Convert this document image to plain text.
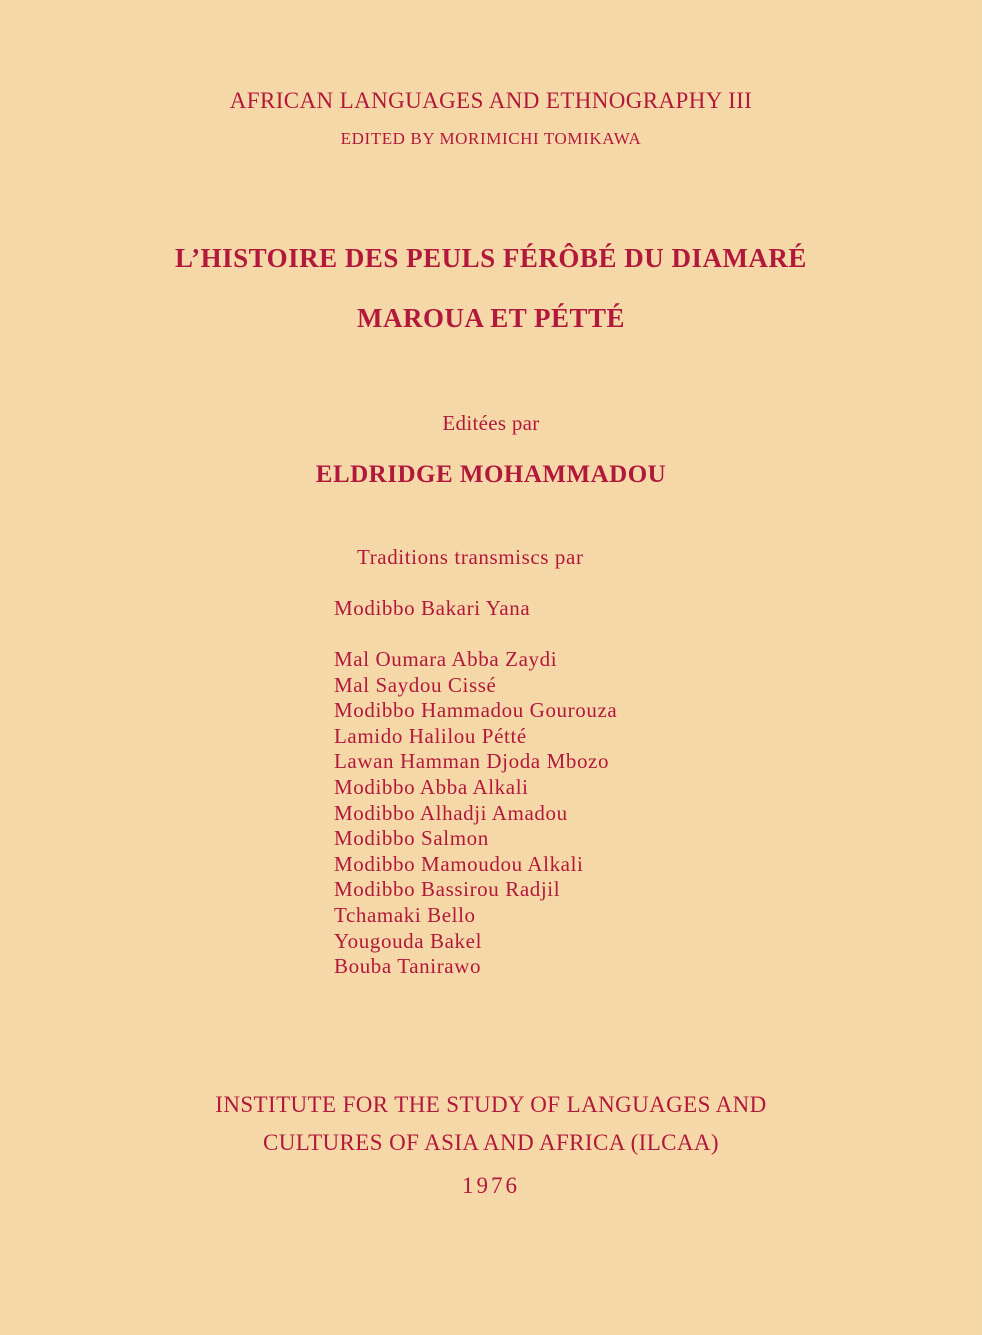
AFRICAN LANGUAGES AND ETHNOGRAPHY III
EDITED BY MORIMICHI TOMIKAWA
L’HISTOIRE DES PEULS FÉRÔBÉ DU DIAMARÉ
MAROUA ET PÉTTÉ
Editées par
ELDRIDGE MOHAMMADOU
Traditions transmiscs par
Modibbo Bakari Yana
Mal Oumara Abba Zaydi
Mal Saydou Cissé
Modibbo Hammadou Gourouza
Lamido Halilou Pétté
Lawan Hamman Djoda Mbozo
Modibbo Abba Alkali
Modibbo Alhadji Amadou
Modibbo Salmon
Modibbo Mamoudou Alkali
Modibbo Bassirou Radjil
Tchamaki Bello
Yougouda Bakel
Bouba Tanirawo
INSTITUTE FOR THE STUDY OF LANGUAGES AND
CULTURES OF ASIA AND AFRICA (ILCAA)
1976
